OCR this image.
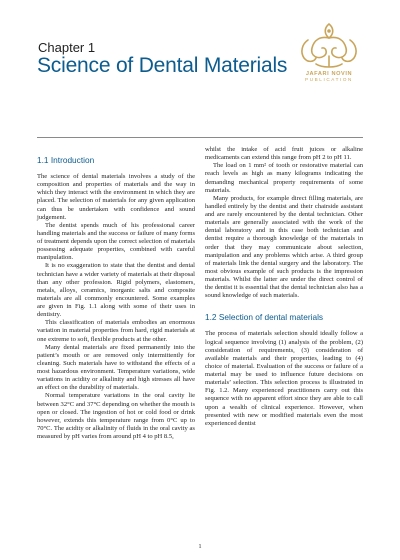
Chapter 1
Science of Dental Materials	JAFARI NOVIN
PUBLICATION
1.1 Introduction

The science of dental materials involves a study of the composition and properties of materials and the way in which they interact with the environment in which they are placed. The selection of materials for any given application can thus be undertaken with confidence and sound judgement.

The dentist spends much of his professional career handling materials and the success or failure of many forms of treatment depends upon the correct selection of materials possessing adequate properties, combined with careful manipulation.

It is no exaggeration to state that the dentist and dental technician have a wider variety of materials at their disposal than any other profession. Rigid polymers, elastomers, metals, alloys, ceramics, inorganic salts and composite materials are all commonly encountered. Some examples are given in Fig. 1.1 along with some of their uses in dentistry.

This classification of materials embodies an enormous variation in material properties from hard, rigid materials at one extreme to soft, flexible products at the other.

Many dental materials are fixed permanently into the patient’s mouth or are removed only intermittently for cleaning. Such materials have to withstand the effects of a most hazardous environment. Temperature variations, wide variations in acidity or alkalinity and high stresses all have an effect on the durability of materials.

Normal temperature variations in the oral cavity lie between 32°C and 37°C depending on whether the mouth is open or closed. The ingestion of hot or cold food or drink however, extends this temperature range from 0°C up to 70°C. The acidity or alkalinity of fluids in the oral cavity as measured by pH varies from around pH 4 to pH 8.5,

whilst the intake of acid fruit juices or alkaline medicaments can extend this range from pH 2 to pH 11.

The load on 1 mm² of tooth or restorative material can reach levels as high as many kilograms indicating the demanding mechanical property requirements of some materials.

Many products, for example direct filling materials, are handled entirely by the dentist and their chairside assistant and are rarely encountered by the dental technician. Other materials are generally associated with the work of the dental laboratory and in this case both technician and dentist require a thorough knowledge of the materials in order that they may communicate about selection, manipulation and any problems which arise. A third group of materials link the dental surgery and the laboratory. The most obvious example of such products is the impression materials. Whilst the latter are under the direct control of the dentist it is essential that the dental technician also has a sound knowledge of such materials.

1.2 Selection of dental materials

The process of materials selection should ideally follow a logical sequence involving (1) analysis of the problem, (2) consideration of requirements, (3) consideration of available materials and their properties, leading to (4) choice of material. Evaluation of the success or failure of a material may be used to influence future decisions on materials’ selection. This selection process is illustrated in Fig. 1.2. Many experienced practitioners carry out this sequence with no apparent effort since they are able to call upon a wealth of clinical experience. However, when presented with new or modified materials even the most experienced dentist

1
